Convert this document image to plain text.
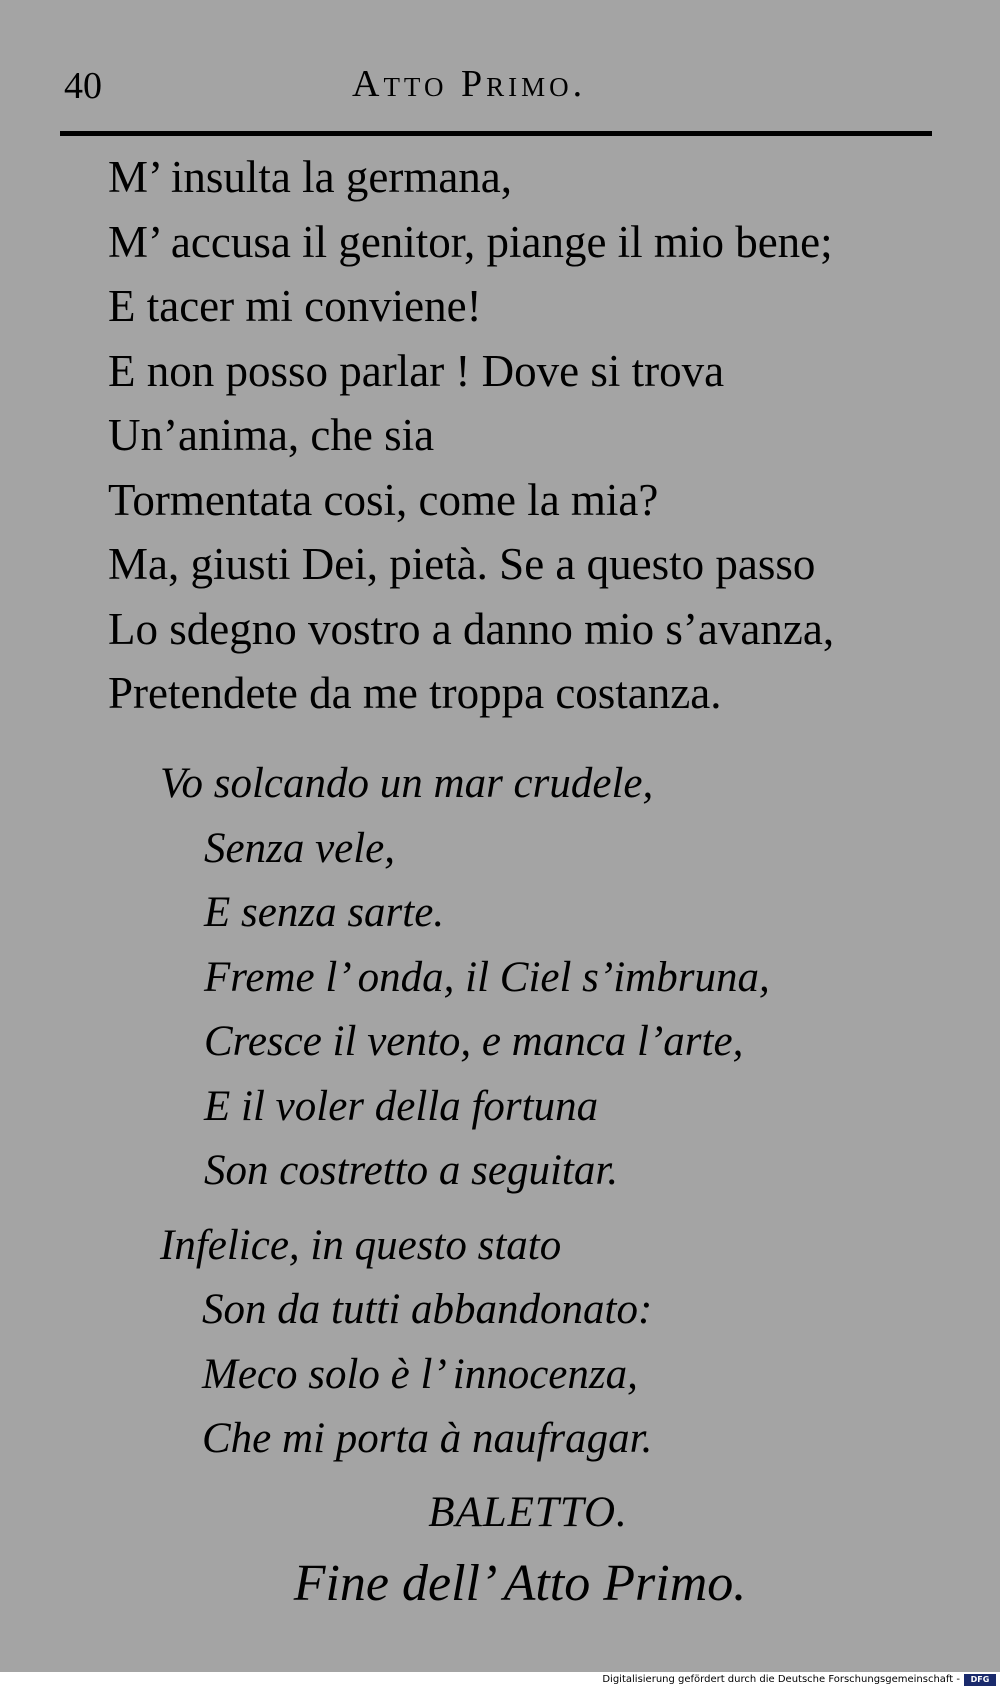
40	Atto Primo.

M’ insulta la germana,

M’ accusa il genitor, piange il mio bene;

E tacer mi conviene!

E non posso parlar ! Dove si trova

Un’anima, che sia

Tormentata cosi, come la mia?

Ma, giusti Dei, pietà. Se a questo passo

Lo sdegno vostro a danno mio s’avanza,

Pretendete da me troppa costanza.

Vo solcando un mar crudele,

Senza vele,

E senza sarte.

Freme l’ onda, il Ciel s’imbruna,

Cresce il vento, e manca l’arte,

E il voler della fortuna

Son costretto a seguitar.

Infelice, in questo stato

Son da tutti abbandonato:

Meco solo è l’ innocenza,

Che mi porta à naufragar.

BALETTO.
Fine dell’ Atto Primo.
Digitalisierung gefördert durch die Deutsche Forschungsgemeinschaft -	DFG
